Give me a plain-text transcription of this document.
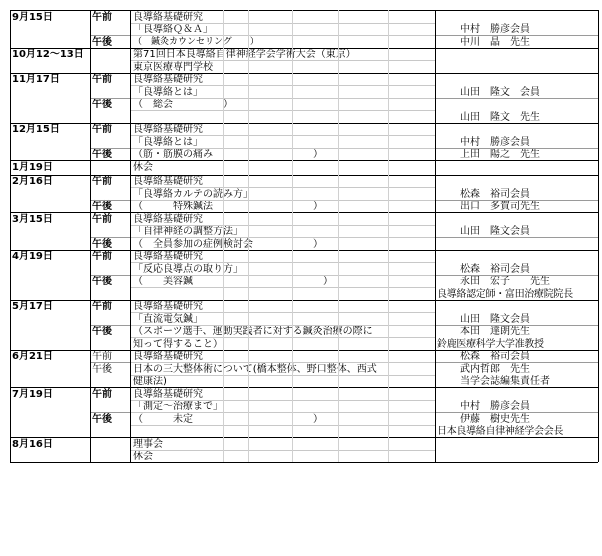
9月15日	午前 良導絡基礎研究
「良導絡Ｑ＆Ａ」	中村　勝彦会員
午後 （　鍼灸カウンセリング　　）	中川　晶　先生
10月12～13日	第71回日本良導絡自律神経学会学術大会（東京）
東京医療専門学校
11月17日	午前 良導絡基礎研究
「良導絡とは」	山田　隆文　会員
午後 （　総会　　　　　）
山田　隆文　先生
12月15日	午前 良導絡基礎研究
「良導絡とは」	中村　勝彦会員
午後 （筋・筋膜の痛み　　　　　　　　　　）	上田　陽之　先生
1月19日	休会
2月16日	午前 良導絡基礎研究
「良導絡カルテの読み方」	松森　裕司会員
午後 （　　　特殊鍼法　　　　　　　　　　）	出口　多賀司先生
3月15日	午前 良導絡基礎研究
「自律神経の調整方法」	山田　隆文会員
午後 （　全員参加の症例検討会　　　　　　）
4月19日	午前 良導絡基礎研究
「反応良導点の取り方」	松森　裕司会員
午後 （　　美容鍼　　　　　　　　　　　　　）	永田　宏子　　先生
良導絡認定師・富田治療院院長
5月17日	午前 良導絡基礎研究
「直流電気鍼」	山田　隆文会員
午後 （スポーツ選手、運動実践者に対する鍼灸治療の際に
知って得すること）
本田　達朗先生
鈴鹿医療科学大学准教授
6月21日	午前 良導絡基礎研究	松森　裕司会員
午後 日本の三大整体術について(橋本整体、野口整体、西式
健康法)
武内哲郎　先生
当学会誌編集責任者
7月19日	午前 良導絡基礎研究
「測定～治療まで」	中村　勝彦会員
午後 （　　　未定　　　　　　　　　　　　）	伊藤　樹史先生
日本良導絡自律神経学会会長
8月16日	理事会
休会
